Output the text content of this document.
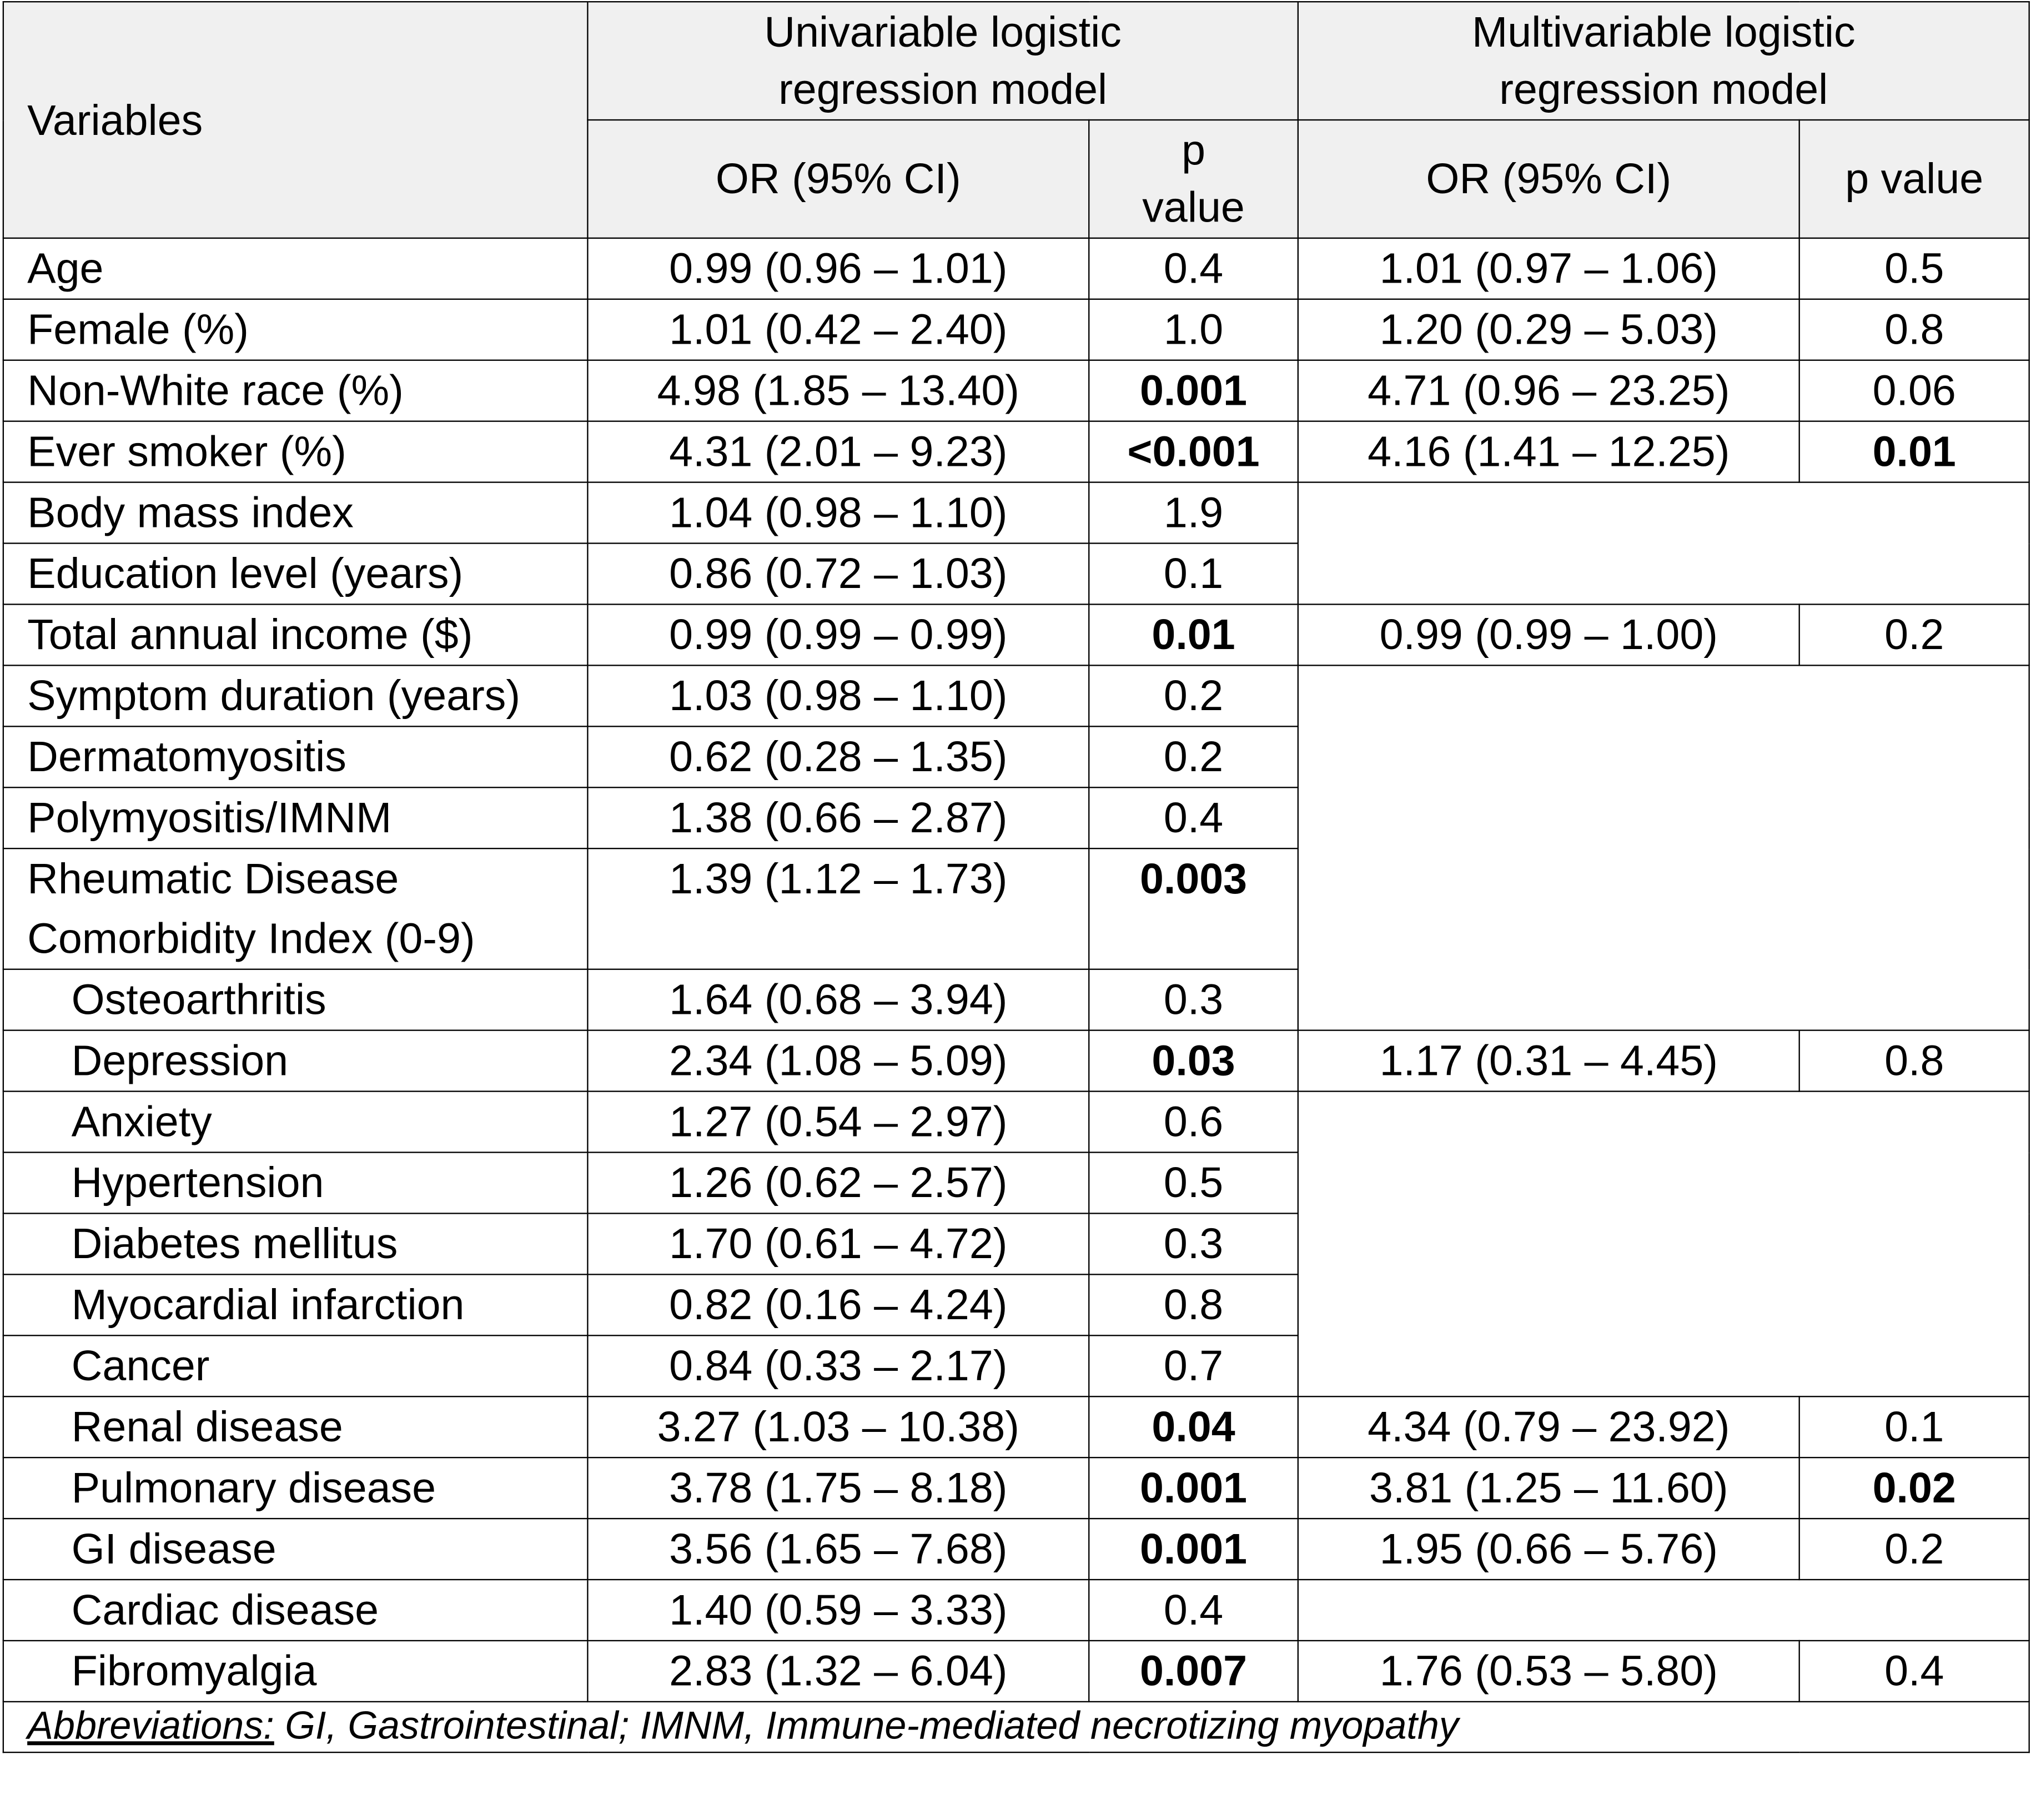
Variables	Univariable logistic regression model		Multivariable logistic regression model	
	OR (95% CI)	p value	OR (95% CI)	p value
Age	0.99 (0.96 – 1.01)	0.4	1.01 (0.97 – 1.06)	0.5
Female (%)	1.01 (0.42 – 2.40)	1.0	1.20 (0.29 – 5.03)	0.8
Non-White race (%)	4.98 (1.85 – 13.40)	0.001	4.71 (0.96 – 23.25)	0.06
Ever smoker (%)	4.31 (2.01 – 9.23)	<0.001	4.16 (1.41 – 12.25)	0.01
Body mass index	1.04 (0.98 – 1.10)	1.9		
Education level (years)	0.86 (0.72 – 1.03)	0.1		
Total annual income ($)	0.99 (0.99 – 0.99)	0.01	0.99 (0.99 – 1.00)	0.2
Symptom duration (years)	1.03 (0.98 – 1.10)	0.2		
Dermatomyositis	0.62 (0.28 – 1.35)	0.2		
Polymyositis/IMNM	1.38 (0.66 – 2.87)	0.4		
Rheumatic Disease Comorbidity Index (0-9)	1.39 (1.12 – 1.73)	0.003		
Osteoarthritis	1.64 (0.68 – 3.94)	0.3		
Depression	2.34 (1.08 – 5.09)	0.03	1.17 (0.31 – 4.45)	0.8
Anxiety	1.27 (0.54 – 2.97)	0.6		
Hypertension	1.26 (0.62 – 2.57)	0.5		
Diabetes mellitus	1.70 (0.61 – 4.72)	0.3		
Myocardial infarction	0.82 (0.16 – 4.24)	0.8		
Cancer	0.84 (0.33 – 2.17)	0.7		
Renal disease	3.27 (1.03 – 10.38)	0.04	4.34 (0.79 – 23.92)	0.1
Pulmonary disease	3.78 (1.75 – 8.18)	0.001	3.81 (1.25 – 11.60)	0.02
GI disease	3.56 (1.65 – 7.68)	0.001	1.95 (0.66 – 5.76)	0.2
Cardiac disease	1.40 (0.59 – 3.33)	0.4		
Fibromyalgia	2.83 (1.32 – 6.04)	0.007	1.76 (0.53 – 5.80)	0.4
Abbreviations: GI, Gastrointestinal; IMNM, Immune-mediated necrotizing myopathy				
